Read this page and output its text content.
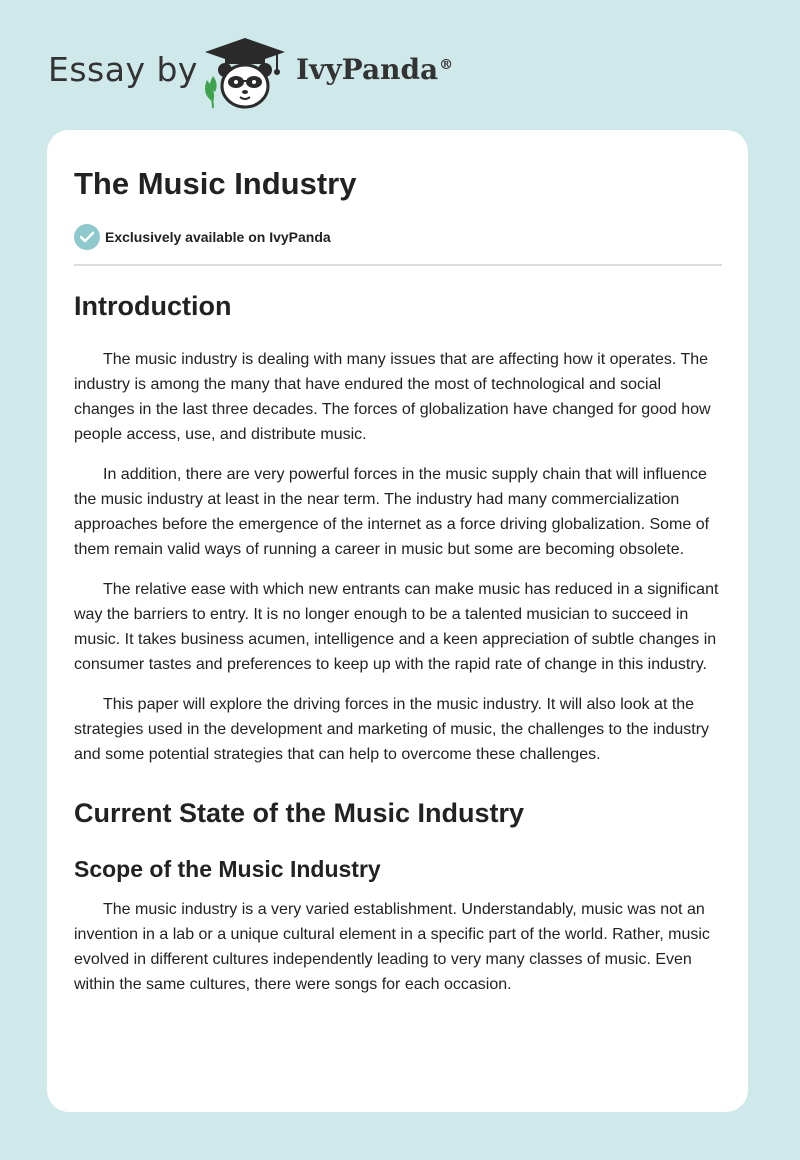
Essay by	IvyPanda®
The Music Industry
Exclusively available on IvyPanda
Introduction

The music industry is dealing with many issues that are affecting how it operates. The industry is among the many that have endured the most of technological and social changes in the last three decades. The forces of globalization have changed for good how people access, use, and distribute music.

In addition, there are very powerful forces in the music supply chain that will influence the music industry at least in the near term. The industry had many commercialization approaches before the emergence of the internet as a force driving globalization. Some of them remain valid ways of running a career in music but some are becoming obsolete.

The relative ease with which new entrants can make music has reduced in a significant way the barriers to entry. It is no longer enough to be a talented musician to succeed in music. It takes business acumen, intelligence and a keen appreciation of subtle changes in consumer tastes and preferences to keep up with the rapid rate of change in this industry.

This paper will explore the driving forces in the music industry. It will also look at the strategies used in the development and marketing of music, the challenges to the industry and some potential strategies that can help to overcome these challenges.

Current State of the Music Industry
Scope of the Music Industry

The music industry is a very varied establishment. Understandably, music was not an invention in a lab or a unique cultural element in a specific part of the world. Rather, music evolved in different cultures independently leading to very many classes of music. Even within the same cultures, there were songs for each occasion.
